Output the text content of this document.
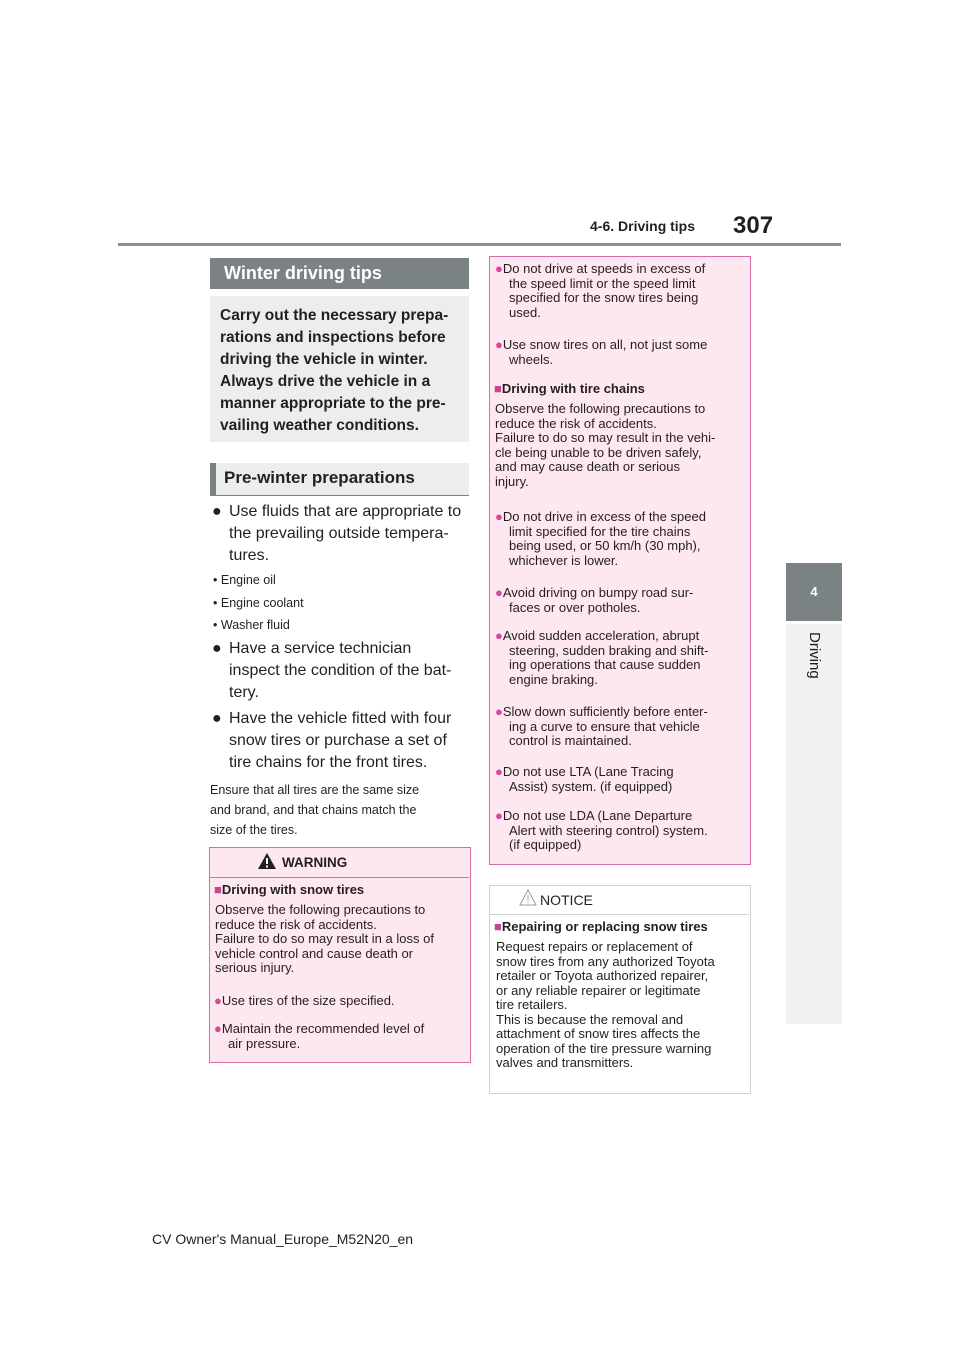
4-6. Driving tips 307
4
Driving
Winter driving tips
Carry out the necessary prepa-
rations and inspections before
driving the vehicle in winter.
Always drive the vehicle in a
manner appropriate to the pre-
vailing weather conditions.
Pre-winter preparations
● Use fluids that are appropriate to
the prevailing outside tempera-
tures.
• Engine oil
• Engine coolant
• Washer fluid
● Have a service technician
inspect the condition of the bat-
tery.
● Have the vehicle fitted with four
snow tires or purchase a set of
tire chains for the front tires.
Ensure that all tires are the same size
and brand, and that chains match the
size of the tires.
WARNING
■Driving with snow tires
Observe the following precautions to
reduce the risk of accidents.
Failure to do so may result in a loss of
vehicle control and cause death or
serious injury.
●Use tires of the size specified.
●Maintain the recommended level of
air pressure.
●Do not drive at speeds in excess of
the speed limit or the speed limit
specified for the snow tires being
used.
●Use snow tires on all, not just some
wheels.
■Driving with tire chains
Observe the following precautions to
reduce the risk of accidents.
Failure to do so may result in the vehi-
cle being unable to be driven safely,
and may cause death or serious
injury.
●Do not drive in excess of the speed
limit specified for the tire chains
being used, or 50 km/h (30 mph),
whichever is lower.
●Avoid driving on bumpy road sur-
faces or over potholes.
●Avoid sudden acceleration, abrupt
steering, sudden braking and shift-
ing operations that cause sudden
engine braking.
●Slow down sufficiently before enter-
ing a curve to ensure that vehicle
control is maintained.
●Do not use LTA (Lane Tracing
Assist) system. (if equipped)
●Do not use LDA (Lane Departure
Alert with steering control) system.
(if equipped)
NOTICE
■Repairing or replacing snow tires
Request repairs or replacement of
snow tires from any authorized Toyota
retailer or Toyota authorized repairer,
or any reliable repairer or legitimate
tire retailers.
This is because the removal and
attachment of snow tires affects the
operation of the tire pressure warning
valves and transmitters.
CV Owner's Manual_Europe_M52N20_en
